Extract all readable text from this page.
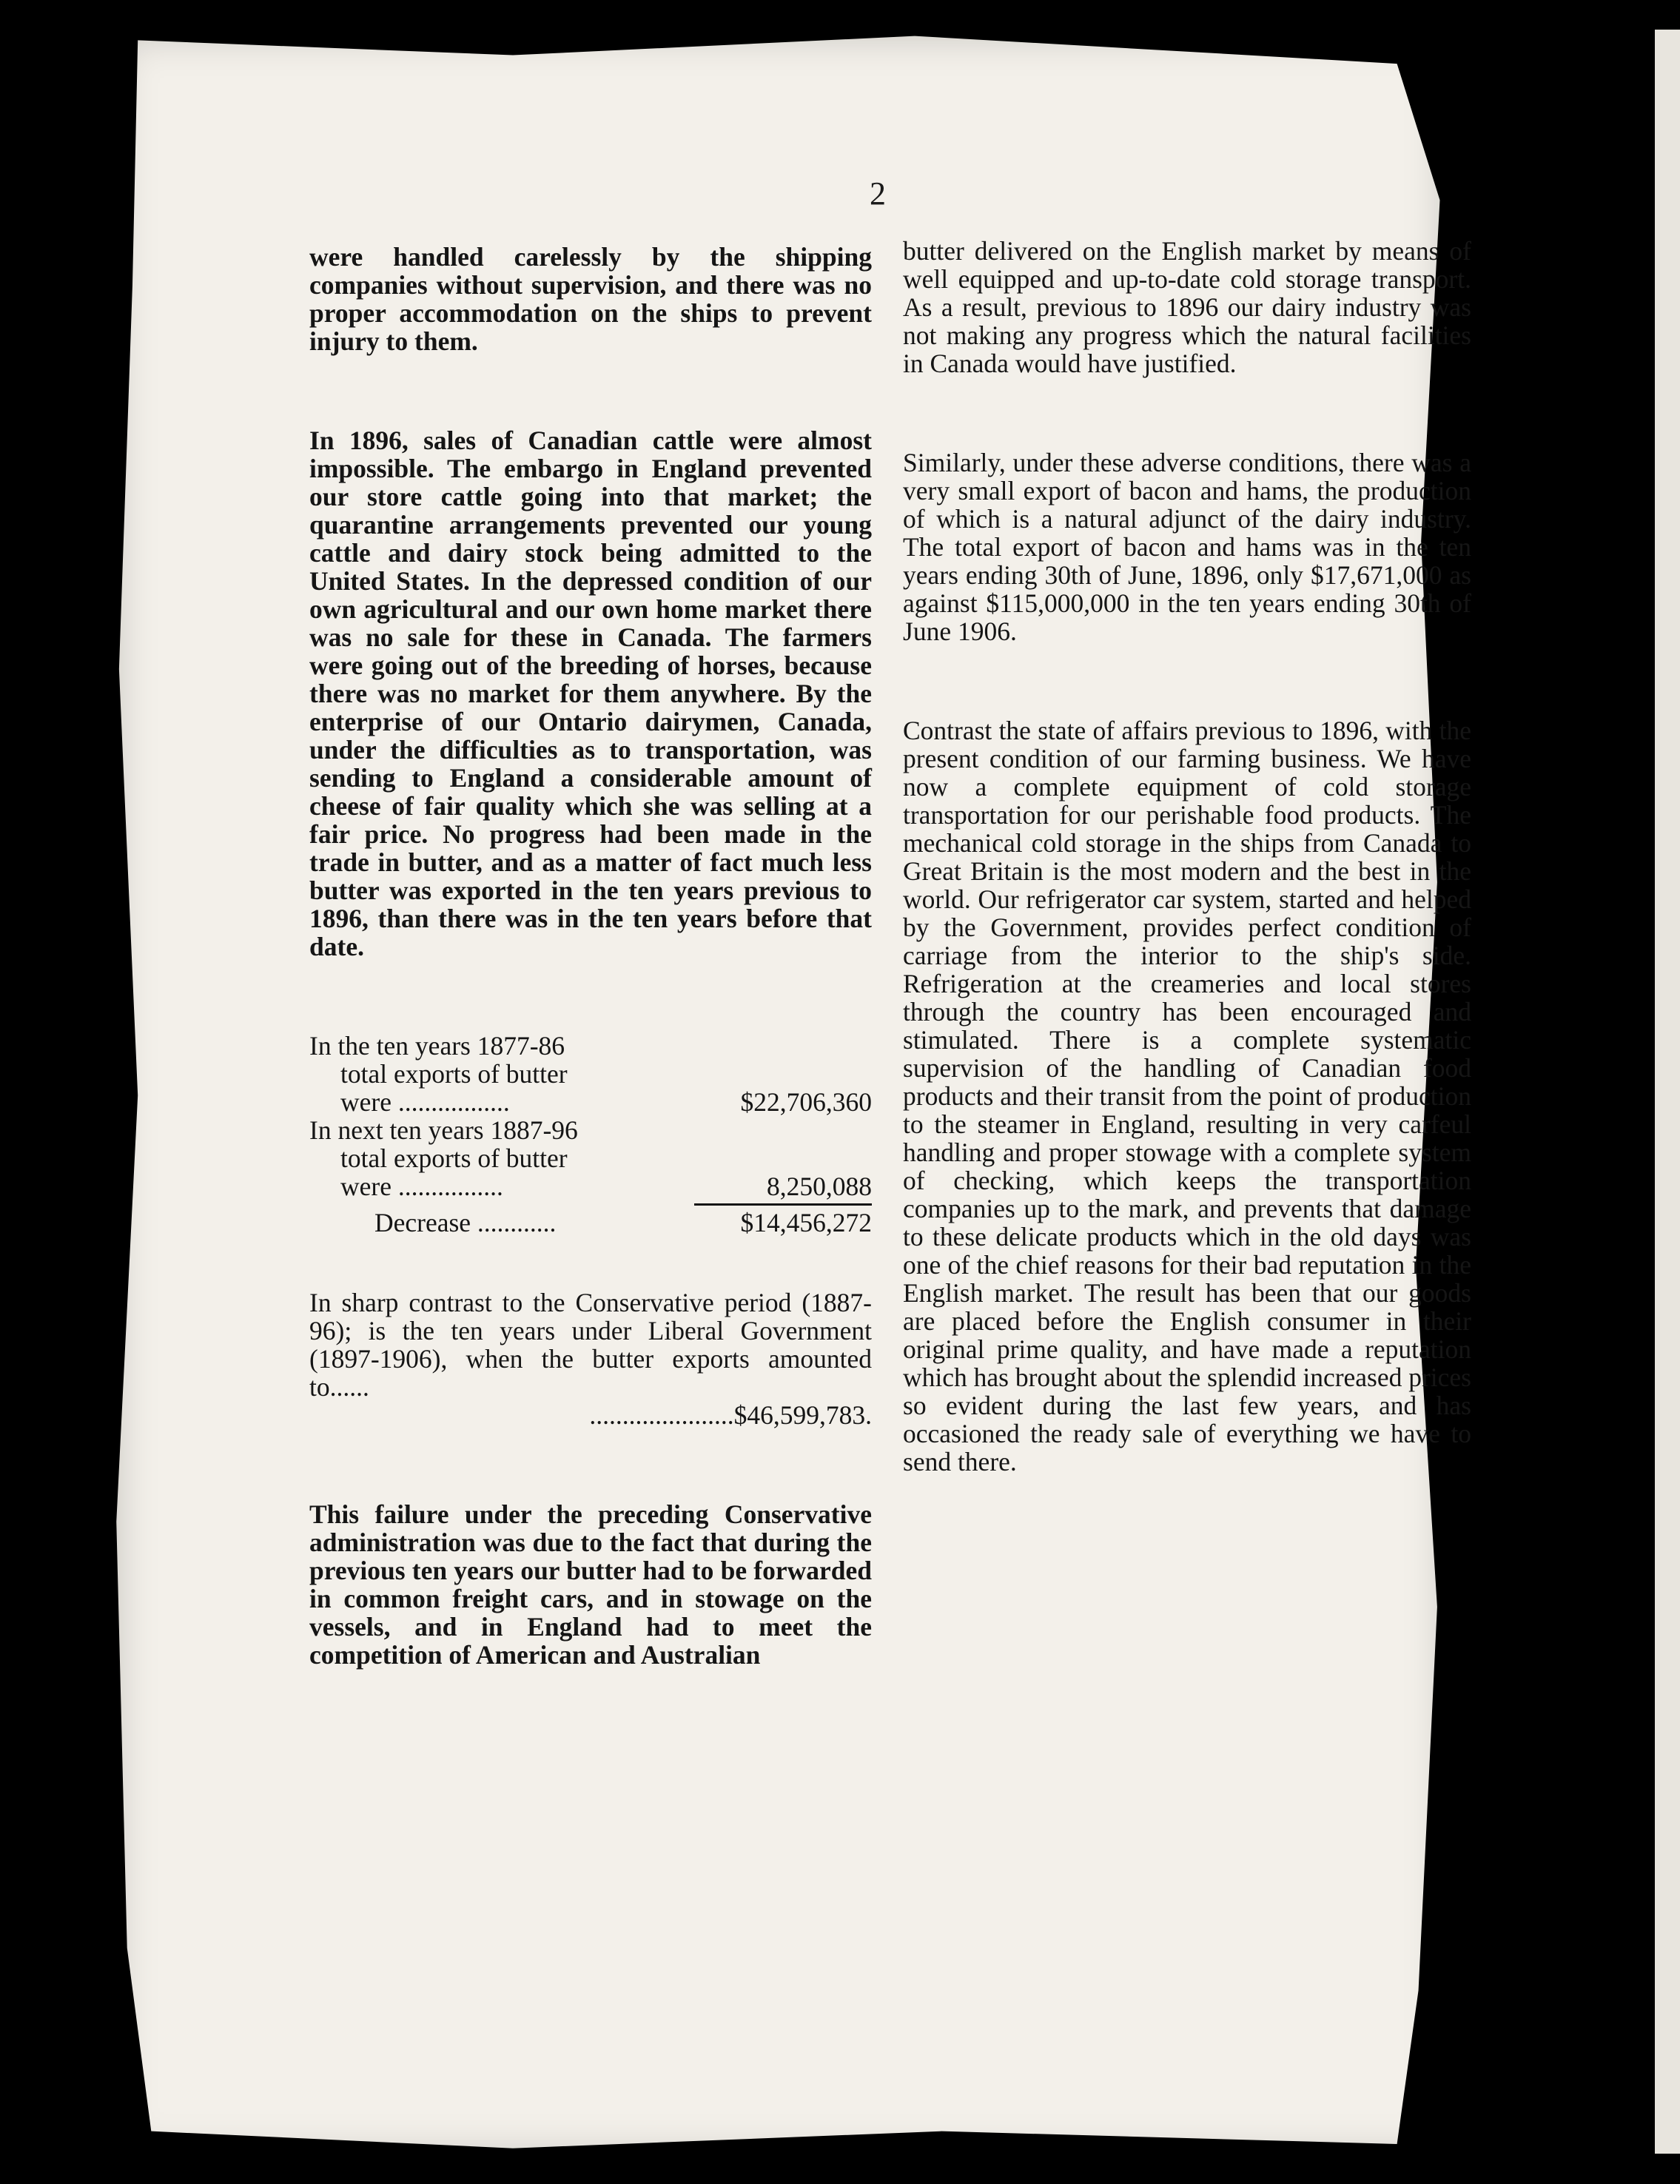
2

were handled carelessly by the shipping companies without supervision, and there was no proper accommodation on the ships to prevent injury to them.

In 1896, sales of Canadian cattle were almost impossible. The embargo in England prevented our store cattle going into that market; the quarantine arrangements prevented our young cattle and dairy stock being admitted to the United States. In the depressed condition of our own agricultural and our own home market there was no sale for these in Canada. The farmers were going out of the breeding of horses, because there was no market for them anywhere. By the enterprise of our Ontario dairymen, Canada, under the difficulties as to transportation, was sending to England a considerable amount of cheese of fair quality which she was selling at a fair price. No progress had been made in the trade in butter, and as a matter of fact much less butter was exported in the ten years previous to 1896, than there was in the ten years before that date.

In the ten years 1877-86
total exports of butter
were .................	$22,706,360
In next ten years 1887-96
total exports of butter
were ................	8,250,088
Decrease ............	$14,456,272

In sharp contrast to the Conservative period (1887-96); is the ten years under Liberal Government (1897-1906), when the butter exports amounted to......

......................$46,599,783.

This failure under the preceding Conservative administration was due to the fact that during the previous ten years our butter had to be forwarded in common freight cars, and in stowage on the vessels, and in England had to meet the competition of American and Australian

butter delivered on the English market by means of well equipped and up-to-date cold storage transport. As a result, previous to 1896 our dairy industry was not making any progress which the natural facilities in Canada would have justified.

Similarly, under these adverse conditions, there was a very small export of bacon and hams, the production of which is a natural adjunct of the dairy industry. The total export of bacon and hams was in the ten years ending 30th of June, 1896, only $17,671,000 as against $115,000,000 in the ten years ending 30th of June 1906.

Contrast the state of affairs previous to 1896, with the present condition of our farming business. We have now a complete equipment of cold storage transportation for our perishable food products. The mechanical cold storage in the ships from Canada to Great Britain is the most modern and the best in the world. Our refrigerator car system, started and helped by the Government, provides perfect condition of carriage from the interior to the ship's side. Refrigeration at the creameries and local stores through the country has been encouraged and stimulated. There is a complete systematic supervision of the handling of Canadian food products and their transit from the point of production to the steamer in England, resulting in very carfeul handling and proper stowage with a complete system of checking, which keeps the transportation companies up to the mark, and prevents that damage to these delicate products which in the old days was one of the chief reasons for their bad reputation in the English market. The result has been that our goods are placed before the English consumer in their original prime quality, and have made a reputation which has brought about the splendid increased prices so evident during the last few years, and has occasioned the ready sale of everything we have to send there.
